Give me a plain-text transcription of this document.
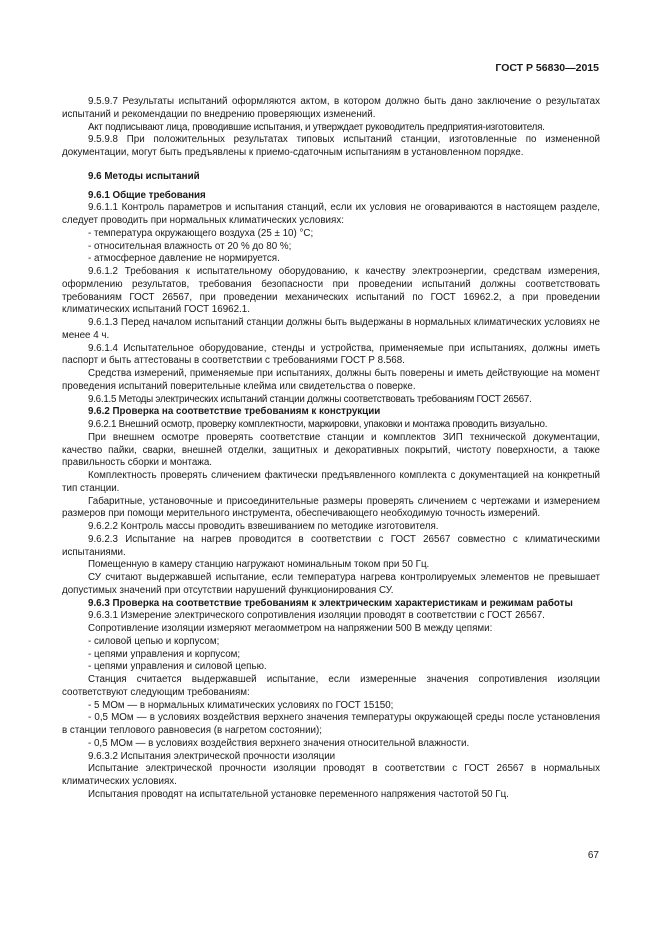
ГОСТ Р 56830—2015

9.5.9.7 Результаты испытаний оформляются актом, в котором должно быть дано заключение о результатах испытаний и рекомендации по внедрению проверяющих изменений.

Акт подписывают лица, проводившие испытания, и утверждает руководитель предприятия-изготовителя.

9.5.9.8 При положительных результатах типовых испытаний станции, изготовленные по измененной документации, могут быть предъявлены к приемо-сдаточным испытаниям в установленном порядке.

9.6 Методы испытаний
9.6.1 Общие требования

9.6.1.1 Контроль параметров и испытания станций, если их условия не оговариваются в настоящем разделе, следует проводить при нормальных климатических условиях:

- температура окружающего воздуха (25 ± 10) °C;

- относительная влажность от 20 % до 80 %;

- атмосферное давление не нормируется.

9.6.1.2 Требования к испытательному оборудованию, к качеству электроэнергии, средствам измерения, оформлению результатов, требования безопасности при проведении испытаний должны соответствовать требованиям ГОСТ 26567, при проведении механических испытаний по ГОСТ 16962.2, а при проведении климатических испытаний ГОСТ 16962.1.

9.6.1.3 Перед началом испытаний станции должны быть выдержаны в нормальных климатических условиях не менее 4 ч.

9.6.1.4 Испытательное оборудование, стенды и устройства, применяемые при испытаниях, должны иметь паспорт и быть аттестованы в соответствии с требованиями ГОСТ Р 8.568.

Средства измерений, применяемые при испытаниях, должны быть поверены и иметь действующие на момент проведения испытаний поверительные клейма или свидетельства о поверке.

9.6.1.5 Методы электрических испытаний станции должны соответствовать требованиям ГОСТ 26567.

9.6.2 Проверка на соответствие требованиям к конструкции

9.6.2.1 Внешний осмотр, проверку комплектности, маркировки, упаковки и монтажа проводить визуально.

При внешнем осмотре проверять соответствие станции и комплектов ЗИП технической документации, качество пайки, сварки, внешней отделки, защитных и декоративных покрытий, чистоту поверхности, а также правильность сборки и монтажа.

Комплектность проверять сличением фактически предъявленного комплекта с документацией на конкретный тип станции.

Габаритные, установочные и присоединительные размеры проверять сличением с чертежами и измерением размеров при помощи мерительного инструмента, обеспечивающего необходимую точность измерений.

9.6.2.2 Контроль массы проводить взвешиванием по методике изготовителя.

9.6.2.3 Испытание на нагрев проводится в соответствии с ГОСТ 26567 совместно с климатическими испытаниями.

Помещенную в камеру станцию нагружают номинальным током при 50 Гц.

СУ считают выдержавшей испытание, если температура нагрева контролируемых элементов не превышает допустимых значений при отсутствии нарушений функционирования СУ.

9.6.3 Проверка на соответствие требованиям к электрическим характеристикам и режимам работы

9.6.3.1 Измерение электрического сопротивления изоляции проводят в соответствии с ГОСТ 26567.

Сопротивление изоляции измеряют мегаомметром на напряжении 500 В между цепями:

- силовой цепью и корпусом;

- цепями управления и корпусом;

- цепями управления и силовой цепью.

Станция считается выдержавшей испытание, если измеренные значения сопротивления изоляции соответствуют следующим требованиям:

- 5 МОм — в нормальных климатических условиях по ГОСТ 15150;

- 0,5 МОм — в условиях воздействия верхнего значения температуры окружающей среды после установления в станции теплового равновесия (в нагретом состоянии);

- 0,5 МОм — в условиях воздействия верхнего значения относительной влажности.

9.6.3.2 Испытания электрической прочности изоляции

Испытание электрической прочности изоляции проводят в соответствии с ГОСТ 26567 в нормальных климатических условиях.

Испытания проводят на испытательной установке переменного напряжения частотой 50 Гц.

67
